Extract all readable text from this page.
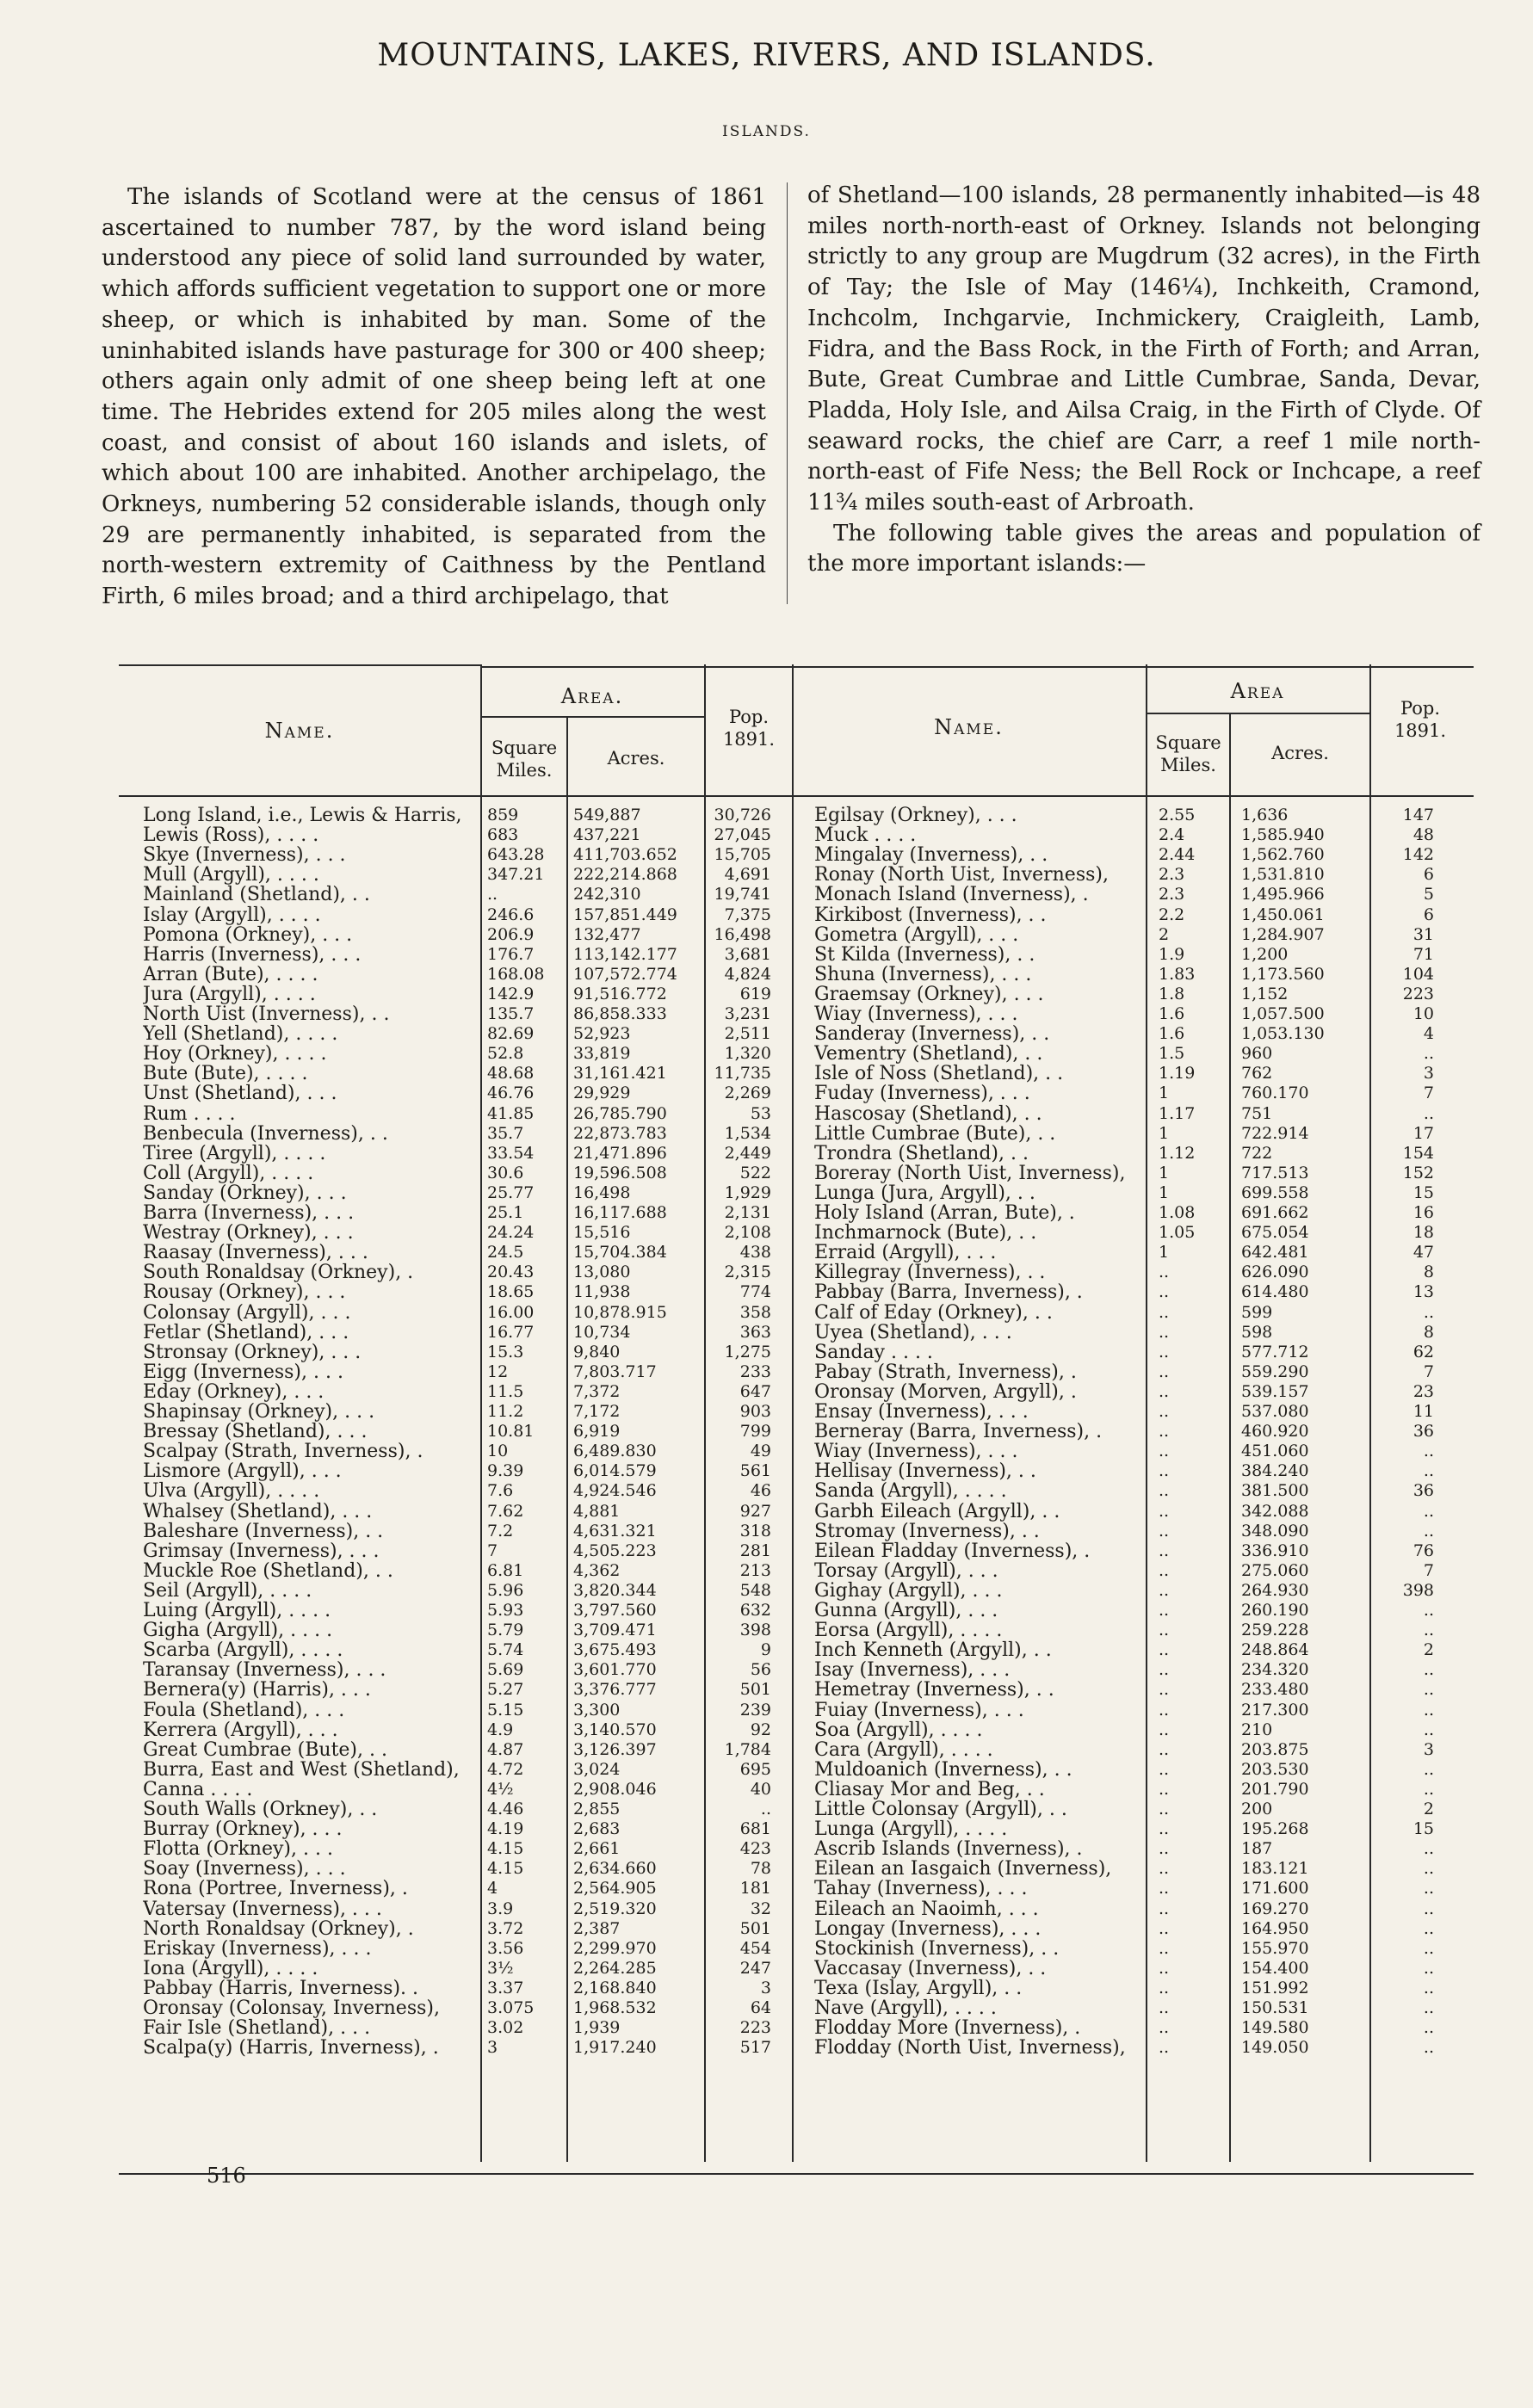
MOUNTAINS, LAKES, RIVERS, AND ISLANDS.
ISLANDS.

The islands of Scotland were at the census of 1861 ascertained to number 787, by the word island being understood any piece of solid land surrounded by water, which affords sufficient vegetation to support one or more sheep, or which is inhabited by man. Some of the uninhabited islands have pasturage for 300 or 400 sheep; others again only admit of one sheep being left at one time. The Hebrides extend for 205 miles along the west coast, and consist of about 160 islands and islets, of which about 100 are inhabited. Another archipelago, the Orkneys, numbering 52 considerable islands, though only 29 are permanently inhabited, is separated from the north-western extremity of Caithness by the Pentland Firth, 6 miles broad; and a third archipelago, that

of Shetland—100 islands, 28 permanently inhabited—is 48 miles north-north-east of Orkney. Islands not belonging strictly to any group are Mugdrum (32 acres), in the Firth of Tay; the Isle of May (146¼), Inchkeith, Cramond, Inchcolm, Inchgarvie, Inchmickery, Craigleith, Lamb, Fidra, and the Bass Rock, in the Firth of Forth; and Arran, Bute, Great Cumbrae and Little Cumbrae, Sanda, Devar, Pladda, Holy Isle, and Ailsa Craig, in the Firth of Clyde. Of seaward rocks, the chief are Carr, a reef 1 mile north-north-east of Fife Ness; the Bell Rock or Inchcape, a reef 11¾ miles south-east of Arbroath.

The following table gives the areas and population of the more important islands:—

Name.
Area.
Square Miles.
Acres.
Pop. 1891.	Name.
Area
Square Miles.
Acres.
Pop. 1891.
Long Island, i.e., Lewis & Harris,	859	549,887	30,726
Lewis (Ross), . . . .	683	437,221	27,045
Skye (Inverness), . . .	643.28	411,703.652	15,705
Mull (Argyll), . . . .	347.21	222,214.868	4,691
Mainland (Shetland), . .	..	242,310	19,741
Islay (Argyll), . . . .	246.6	157,851.449	7,375
Pomona (Orkney), . . .	206.9	132,477	16,498
Harris (Inverness), . . .	176.7	113,142.177	3,681
Arran (Bute), . . . .	168.08	107,572.774	4,824
Jura (Argyll), . . . .	142.9	91,516.772	619
North Uist (Inverness), . .	135.7	86,858.333	3,231
Yell (Shetland), . . . .	82.69	52,923	2,511
Hoy (Orkney), . . . .	52.8	33,819	1,320
Bute (Bute), . . . .	48.68	31,161.421	11,735
Unst (Shetland), . . .	46.76	29,929	2,269
Rum . . . .	41.85	26,785.790	53
Benbecula (Inverness), . .	35.7	22,873.783	1,534
Tiree (Argyll), . . . .	33.54	21,471.896	2,449
Coll (Argyll), . . . .	30.6	19,596.508	522
Sanday (Orkney), . . .	25.77	16,498	1,929
Barra (Inverness), . . .	25.1	16,117.688	2,131
Westray (Orkney), . . .	24.24	15,516	2,108
Raasay (Inverness), . . .	24.5	15,704.384	438
South Ronaldsay (Orkney), .	20.43	13,080	2,315
Rousay (Orkney), . . .	18.65	11,938	774
Colonsay (Argyll), . . .	16.00	10,878.915	358
Fetlar (Shetland), . . .	16.77	10,734	363
Stronsay (Orkney), . . .	15.3	9,840	1,275
Eigg (Inverness), . . .	12	7,803.717	233
Eday (Orkney), . . .	11.5	7,372	647
Shapinsay (Orkney), . . .	11.2	7,172	903
Bressay (Shetland), . . .	10.81	6,919	799
Scalpay (Strath, Inverness), .	10	6,489.830	49
Lismore (Argyll), . . .	9.39	6,014.579	561
Ulva (Argyll), . . . .	7.6	4,924.546	46
Whalsey (Shetland), . . .	7.62	4,881	927
Baleshare (Inverness), . .	7.2	4,631.321	318
Grimsay (Inverness), . . .	7	4,505.223	281
Muckle Roe (Shetland), . .	6.81	4,362	213
Seil (Argyll), . . . .	5.96	3,820.344	548
Luing (Argyll), . . . .	5.93	3,797.560	632
Gigha (Argyll), . . . .	5.79	3,709.471	398
Scarba (Argyll), . . . .	5.74	3,675.493	9
Taransay (Inverness), . . .	5.69	3,601.770	56
Bernera(y) (Harris), . . .	5.27	3,376.777	501
Foula (Shetland), . . .	5.15	3,300	239
Kerrera (Argyll), . . .	4.9	3,140.570	92
Great Cumbrae (Bute), . .	4.87	3,126.397	1,784
Burra, East and West (Shetland),	4.72	3,024	695
Canna . . . .	4½	2,908.046	40
South Walls (Orkney), . .	4.46	2,855	..
Burray (Orkney), . . .	4.19	2,683	681
Flotta (Orkney), . . .	4.15	2,661	423
Soay (Inverness), . . .	4.15	2,634.660	78
Rona (Portree, Inverness), .	4	2,564.905	181
Vatersay (Inverness), . . .	3.9	2,519.320	32
North Ronaldsay (Orkney), .	3.72	2,387	501
Eriskay (Inverness), . . .	3.56	2,299.970	454
Iona (Argyll), . . . .	3½	2,264.285	247
Pabbay (Harris, Inverness). .	3.37	2,168.840	3
Oronsay (Colonsay, Inverness),	3.075	1,968.532	64
Fair Isle (Shetland), . . .	3.02	1,939	223
Scalpa(y) (Harris, Inverness), .	3	1,917.240	517
Egilsay (Orkney), . . .	2.55	1,636	147
Muck . . . .	2.4	1,585.940	48
Mingalay (Inverness), . .	2.44	1,562.760	142
Ronay (North Uist, Inverness),	2.3	1,531.810	6
Monach Island (Inverness), .	2.3	1,495.966	5
Kirkibost (Inverness), . .	2.2	1,450.061	6
Gometra (Argyll), . . .	2	1,284.907	31
St Kilda (Inverness), . .	1.9	1,200	71
Shuna (Inverness), . . .	1.83	1,173.560	104
Graemsay (Orkney), . . .	1.8	1,152	223
Wiay (Inverness), . . .	1.6	1,057.500	10
Sanderay (Inverness), . .	1.6	1,053.130	4
Vementry (Shetland), . .	1.5	960	..
Isle of Noss (Shetland), . .	1.19	762	3
Fuday (Inverness), . . .	1	760.170	7
Hascosay (Shetland), . .	1.17	751	..
Little Cumbrae (Bute), . .	1	722.914	17
Trondra (Shetland), . .	1.12	722	154
Boreray (North Uist, Inverness),	1	717.513	152
Lunga (Jura, Argyll), . .	1	699.558	15
Holy Island (Arran, Bute), .	1.08	691.662	16
Inchmarnock (Bute), . .	1.05	675.054	18
Erraid (Argyll), . . .	1	642.481	47
Killegray (Inverness), . .	..	626.090	8
Pabbay (Barra, Inverness), .	..	614.480	13
Calf of Eday (Orkney), . .	..	599	..
Uyea (Shetland), . . .	..	598	8
Sanday . . . .	..	577.712	62
Pabay (Strath, Inverness), .	..	559.290	7
Oronsay (Morven, Argyll), .	..	539.157	23
Ensay (Inverness), . . .	..	537.080	11
Berneray (Barra, Inverness), .	..	460.920	36
Wiay (Inverness), . . .	..	451.060	..
Hellisay (Inverness), . .	..	384.240	..
Sanda (Argyll), . . . .	..	381.500	36
Garbh Eileach (Argyll), . .	..	342.088	..
Stromay (Inverness), . .	..	348.090	..
Eilean Fladday (Inverness), .	..	336.910	76
Torsay (Argyll), . . .	..	275.060	7
Gighay (Argyll), . . .	..	264.930	398
Gunna (Argyll), . . .	..	260.190	..
Eorsa (Argyll), . . . .	..	259.228	..
Inch Kenneth (Argyll), . .	..	248.864	2
Isay (Inverness), . . .	..	234.320	..
Hemetray (Inverness), . .	..	233.480	..
Fuiay (Inverness), . . .	..	217.300	..
Soa (Argyll), . . . .	..	210	..
Cara (Argyll), . . . .	..	203.875	3
Muldoanich (Inverness), . .	..	203.530	..
Cliasay Mor and Beg, . .	..	201.790	..
Little Colonsay (Argyll), . .	..	200	2
Lunga (Argyll), . . . .	..	195.268	15
Ascrib Islands (Inverness), .	..	187	..
Eilean an Iasgaich (Inverness),	..	183.121	..
Tahay (Inverness), . . .	..	171.600	..
Eileach an Naoimh, . . .	..	169.270	..
Longay (Inverness), . . .	..	164.950	..
Stockinish (Inverness), . .	..	155.970	..
Vaccasay (Inverness), . .	..	154.400	..
Texa (Islay, Argyll), . .	..	151.992	..
Nave (Argyll), . . . .	..	150.531	..
Flodday More (Inverness), .	..	149.580	..
Flodday (North Uist, Inverness),	..	149.050	..
516
